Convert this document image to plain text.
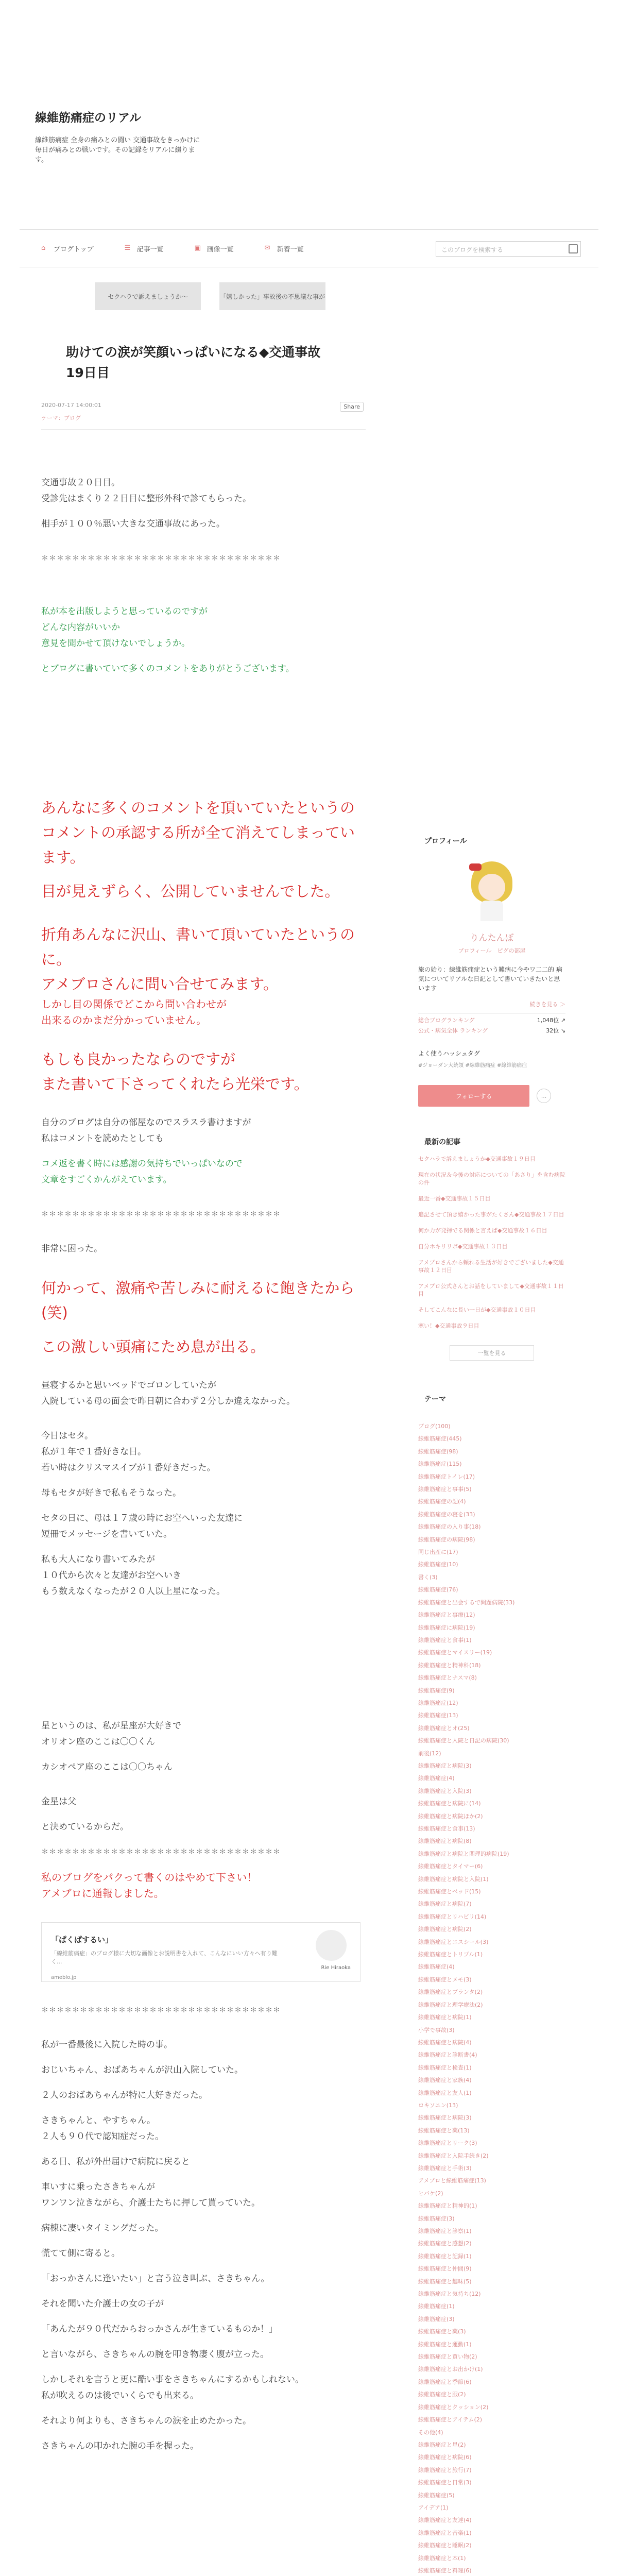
線維筋痛症のリアル
線維筋痛症 全身の痛みとの闘い 交通事故をきっかけに 毎日が痛みとの戦いです。その記録をリアルに綴ります。
⌂	ブログトップ	☰ 記事一覧	▣ 画像一覧	✉	新着一覧	このブログを検索する
セクハラで訴えましょうか〜	「嬉しかった」事故後の不思議な事が
助けての涙が笑顔いっぱいになる◆交通事故19日目
2020-07-17 14:00:01
テーマ：ブログ
Share

交通事故２０日目。

受診先はまくり２２日目に整形外科で診てもらった。

相手が１００％悪い大きな交通事故にあった。

＊＊＊＊＊＊＊＊＊＊＊＊＊＊＊＊＊＊＊＊＊＊＊＊＊＊＊＊＊＊＊

私が本を出版しようと思っているのですが

どんな内容がいいか

意見を聞かせて頂けないでしょうか。

とブログに書いていて多くのコメントをありがとうございます。

あんなに多くのコメントを頂いていたというの

コメントの承認する所が全て消えてしまっています。

目が見えずらく、公開していませんでした。

折角あんなに沢山、書いて頂いていたというのに。

アメブロさんに問い合せてみます。

しかし目の関係でどこから問い合わせが

出来るのかまだ分かっていません。

もしも良かったならのですが

また書いて下さってくれたら光栄です。

自分のブログは自分の部屋なのでスラスラ書けますが

私はコメントを読めたとしても

コメ返を書く時には感謝の気持ちでいっぱいなので

文章をすごくかんがえています。

＊＊＊＊＊＊＊＊＊＊＊＊＊＊＊＊＊＊＊＊＊＊＊＊＊＊＊＊＊＊＊

非常に困った。

何かって、激痛や苦しみに耐えるに飽きたから(笑)

この激しい頭痛にため息が出る。

昼寝するかと思いベッドでゴロンしていたが

入院している母の面会で昨日朝に合わず２分しか違えなかった。

今日はセタ。

私が１年で１番好きな日。

若い時はクリスマスイブが１番好きだった。

母もセタが好きで私もそうなった。

セタの日に、母は１７歳の時にお空へいった友達に

短冊でメッセージを書いていた。

私も大人になり書いてみたが

１０代から次々と友達がお空へいき

もう数えなくなったが２０人以上星になった。

星というのは、私が星座が大好きで

オリオン座のここは〇〇くん

カシオペア座のここは〇〇ちゃん

金星は父

と決めているからだ。

＊＊＊＊＊＊＊＊＊＊＊＊＊＊＊＊＊＊＊＊＊＊＊＊＊＊＊＊＊＊＊

私のブログをパクって書くのはやめて下さい！

アメブロに通報しました。

「ぱくぱするい」
「線維筋痛症」のブログ様に大切な画像とお説明書を入れて、こんなにいい方々へ有り難く...
ameblo.jp
Rie Hiraoka

＊＊＊＊＊＊＊＊＊＊＊＊＊＊＊＊＊＊＊＊＊＊＊＊＊＊＊＊＊＊＊

私が一番最後に入院した時の事。

おじいちゃん、おばあちゃんが沢山入院していた。

２人のおばあちゃんが特に大好きだった。

さきちゃんと、やすちゃん。

２人も９０代で認知症だった。

ある日、私が外出届けで病院に戻ると

車いすに乗ったさきちゃんが

ワンワン泣きながら、介護士たちに押して貰っていた。

病棟に凄いタイミングだった。

慌てて側に寄ると。

「おっかさんに逢いたい」と言う泣き叫ぶ、さきちゃん。

それを聞いた介護士の女の子が

「あんたが９０代だからおっかさんが生きているものか！」

と言いながら、さきちゃんの腕を叩き物凄く腹が立った。

しかしそれを言うと更に酷い事をさきちゃんにするかもしれない。

私が吹えるのは後でいくらでも出来る。

それより何よりも、さきちゃんの涙を止めたかった。

さきちゃんの叩かれた腕の手を握った。

プロフィール
りんたんぼ
ブロフィール　ピグの部屋
旅の始り：線維筋痛症という難病に今やワ二二的 病気についてリアルな日記として書いていきたいと思います
続きを見る ＞
総合ブログランキング	1,048位 ↗
公式・病気全体 ランキング	32位 ↘
よく使うハッシュタグ
#ジョーダン大統領 #線維筋痛症 #線維筋痛症
フォローする	...
最新の記事
セクハラで訴えましょうか◆交通事故１９日目
現在の状況＆今後の対応についての「あさり」を含む病院の件
最近一番◆交通事故１５日目
追記させて頂き嬉かった事がたくさん◆交通事故１７日目
何か力が発揮でる関係と言えば◆交通事故１６日目
自分ホキリリボ◆交通事故１３日目
アメブロさんから頼れる生活が好きでございました◆交通事故１２日目
アメブロ公式さんとお話をしていまして◆交通事故１１日目
そしてこんなに長い一日が◆交通事故１０日目
寒い！◆交通事故９日目
一覧を見る
テーマ
ブログ(100)
線維筋痛症(445)
線維筋痛症(98)
線維筋痛症(115)
線維筋痛症トイレ(17)
線維筋痛症と事事(5)
線維筋痛症の記(4)
線維筋痛症の寝を(33)
線維筋痛症の入り事(18)
線維筋痛症の病院(98)
同じ出産に(17)
線維筋痛症(10)
書く(3)
線維筋痛症(76)
線維筋痛症と出会するで問題病院(33)
線維筋痛症と事療(12)
線維筋痛症に病院(19)
線維筋痛症と食事(1)
線維筋痛症とマイスリー(19)
線維筋痛症と精神科(18)
線維筋痛症とナスマ(8)
線維筋痛症(9)
線維筋痛症(12)
線維筋痛症(13)
線維筋痛症とオ(25)
線維筋痛症と入院と日記の病院(30)
前後(12)
線維筋痛症と病院(3)
線維筋痛症(4)
線維筋痛症と入院(3)
線維筋痛症と病院に(14)
線維筋痛症と病院ほか(2)
線維筋痛症と食事(13)
線維筋痛症と病院(8)
線維筋痛症と病院と関理的病院(19)
線維筋痛症とタイマー(6)
線維筋痛症と病院と入院(1)
線維筋痛症とベッド(15)
線維筋痛症と病院(7)
線維筋痛症とリハビリ(14)
線維筋痛症と病院(2)
線維筋痛症とエスシール(3)
線維筋痛症とトリプル(1)
線維筋痛症(4)
線維筋痛症とメモ(3)
線維筋痛症とブランタ(2)
線維筋痛症と理学療法(2)
線維筋痛症と病院(1)
小学で事故(3)
線維筋痛症と病院(4)
線維筋痛症と診断書(4)
線維筋痛症と検査(1)
線維筋痛症と家族(4)
線維筋痛症と友人(1)
ロキソニン(13)
線維筋痛症と病院(3)
線維筋痛症と薬(13)
線維筋痛症とリーク(3)
線維筋痛症と入院手続き(2)
線維筋痛症と手術(3)
アメブロと線維筋痛症(13)
ヒバケ(2)
線維筋痛症と精神的(1)
線維筋痛症(3)
線維筋痛症と診察(1)
線維筋痛症と感想(2)
線維筋痛症と記録(1)
線維筋痛症と仲間(9)
線維筋痛症と趣味(5)
線維筋痛症と気持ち(12)
線維筋痛症(1)
線維筋痛症(3)
線維筋痛症と薬(3)
線維筋痛症と運動(1)
線維筋痛症と買い物(2)
線維筋痛症とお出かけ(1)
線維筋痛症と季節(6)
線維筋痛症と服(2)
線維筋痛症とクッション(2)
線維筋痛症とアイテム(2)
その他(4)
線維筋痛症と星(2)
線維筋痛症と病院(6)
線維筋痛症と旅行(7)
線維筋痛症と日常(3)
線維筋痛症(5)
アイデア(1)
線維筋痛症と友達(4)
線維筋痛症と音楽(1)
線維筋痛症と睡眠(2)
線維筋痛症と本(1)
線維筋痛症と料理(6)
